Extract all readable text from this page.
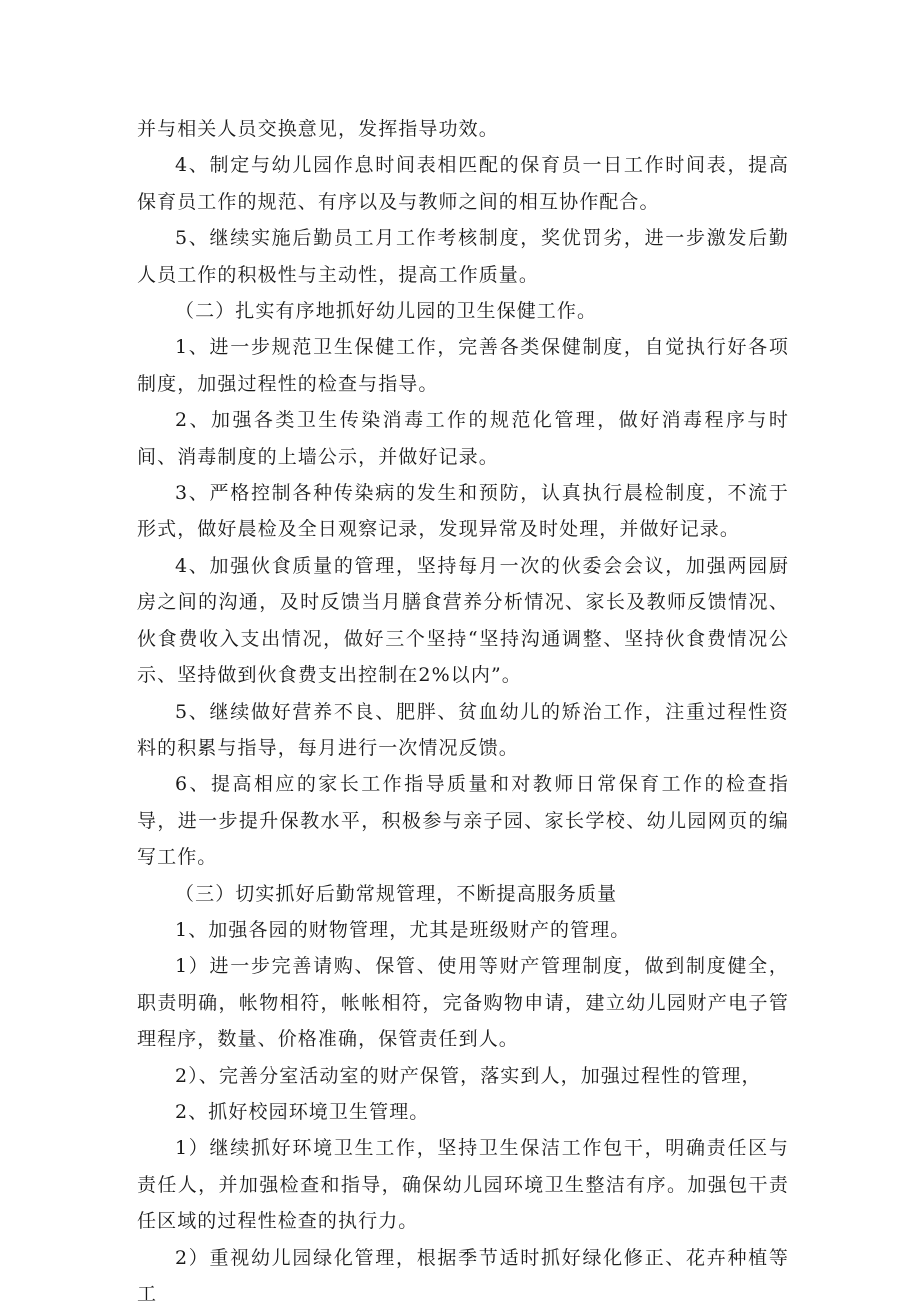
并与相关人员交换意见，发挥指导功效。

4、制定与幼儿园作息时间表相匹配的保育员一日工作时间表，提高保育员工作的规范、有序以及与教师之间的相互协作配合。

5、继续实施后勤员工月工作考核制度，奖优罚劣，进一步激发后勤人员工作的积极性与主动性，提高工作质量。

（二）扎实有序地抓好幼儿园的卫生保健工作。

1、进一步规范卫生保健工作，完善各类保健制度，自觉执行好各项制度，加强过程性的检查与指导。

2、加强各类卫生传染消毒工作的规范化管理，做好消毒程序与时间、消毒制度的上墙公示，并做好记录。

3、严格控制各种传染病的发生和预防，认真执行晨检制度，不流于形式，做好晨检及全日观察记录，发现异常及时处理，并做好记录。

4、加强伙食质量的管理，坚持每月一次的伙委会会议，加强两园厨房之间的沟通，及时反馈当月膳食营养分析情况、家长及教师反馈情况、伙食费收入支出情况，做好三个坚持“坚持沟通调整、坚持伙食费情况公示、坚持做到伙食费支出控制在2%以内”。

5、继续做好营养不良、肥胖、贫血幼儿的矫治工作，注重过程性资料的积累与指导，每月进行一次情况反馈。

6、提高相应的家长工作指导质量和对教师日常保育工作的检查指导，进一步提升保教水平，积极参与亲子园、家长学校、幼儿园网页的编写工作。

（三）切实抓好后勤常规管理，不断提高服务质量

1、加强各园的财物管理，尤其是班级财产的管理。

1）进一步完善请购、保管、使用等财产管理制度，做到制度健全，职责明确，帐物相符，帐帐相符，完备购物申请，建立幼儿园财产电子管理程序，数量、价格准确，保管责任到人。

2）、完善分室活动室的财产保管，落实到人，加强过程性的管理，

2、抓好校园环境卫生管理。

1）继续抓好环境卫生工作，坚持卫生保洁工作包干，明确责任区与责任人，并加强检查和指导，确保幼儿园环境卫生整洁有序。加强包干责任区域的过程性检查的执行力。

2）重视幼儿园绿化管理，根据季节适时抓好绿化修正、花卉种植等工
